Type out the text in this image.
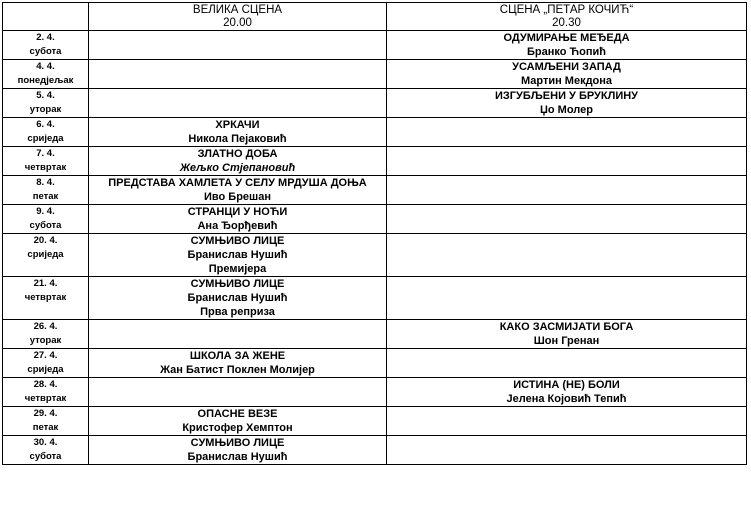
	ВЕЛИКА СЦЕНА
20.00	СЦЕНА „ПЕТАР КОЧИЋ“
20.30

2. 4.
субота		ОДУМИРАЊЕ МЕЂЕДА
Бранко Ћопић

4. 4.
понедјељак		УСАМЉЕНИ ЗАПАД
Мартин Мекдона

5. 4.
уторак		ИЗГУБЉЕНИ У БРУКЛИНУ
Џо Молер

6. 4.
сриједа	ХРКАЧИ
Никола Пејаковић	

7. 4.
четвртак	ЗЛАТНО ДОБА
Жељко Стјепановић	

8. 4.
петак	ПРЕДСТАВА ХАМЛЕТА У СЕЛУ МРДУША ДОЊА
Иво Брешан	

9. 4.
субота	СТРАНЦИ У НОЋИ
Ана Ђорђевић	

20. 4.
сриједа	СУМЊИВО ЛИЦЕ
Бранислав Нушић
Премијера	

21. 4.
четвртак	СУМЊИВО ЛИЦЕ
Бранислав Нушић
Прва реприза	

26. 4.
уторак		КАКО ЗАСМИЈАТИ БОГА
Шон Гренан

27. 4.
сриједа	ШКОЛА ЗА ЖЕНЕ
Жан Батист Поклен Молијер	

28. 4.
четвртак		ИСТИНА (НЕ) БОЛИ
Јелена Којовић Тепић

29. 4.
петак	ОПАСНЕ ВЕЗЕ
Кристофер Хемптон	

30. 4.
субота	СУМЊИВО ЛИЦЕ
Бранислав Нушић	
